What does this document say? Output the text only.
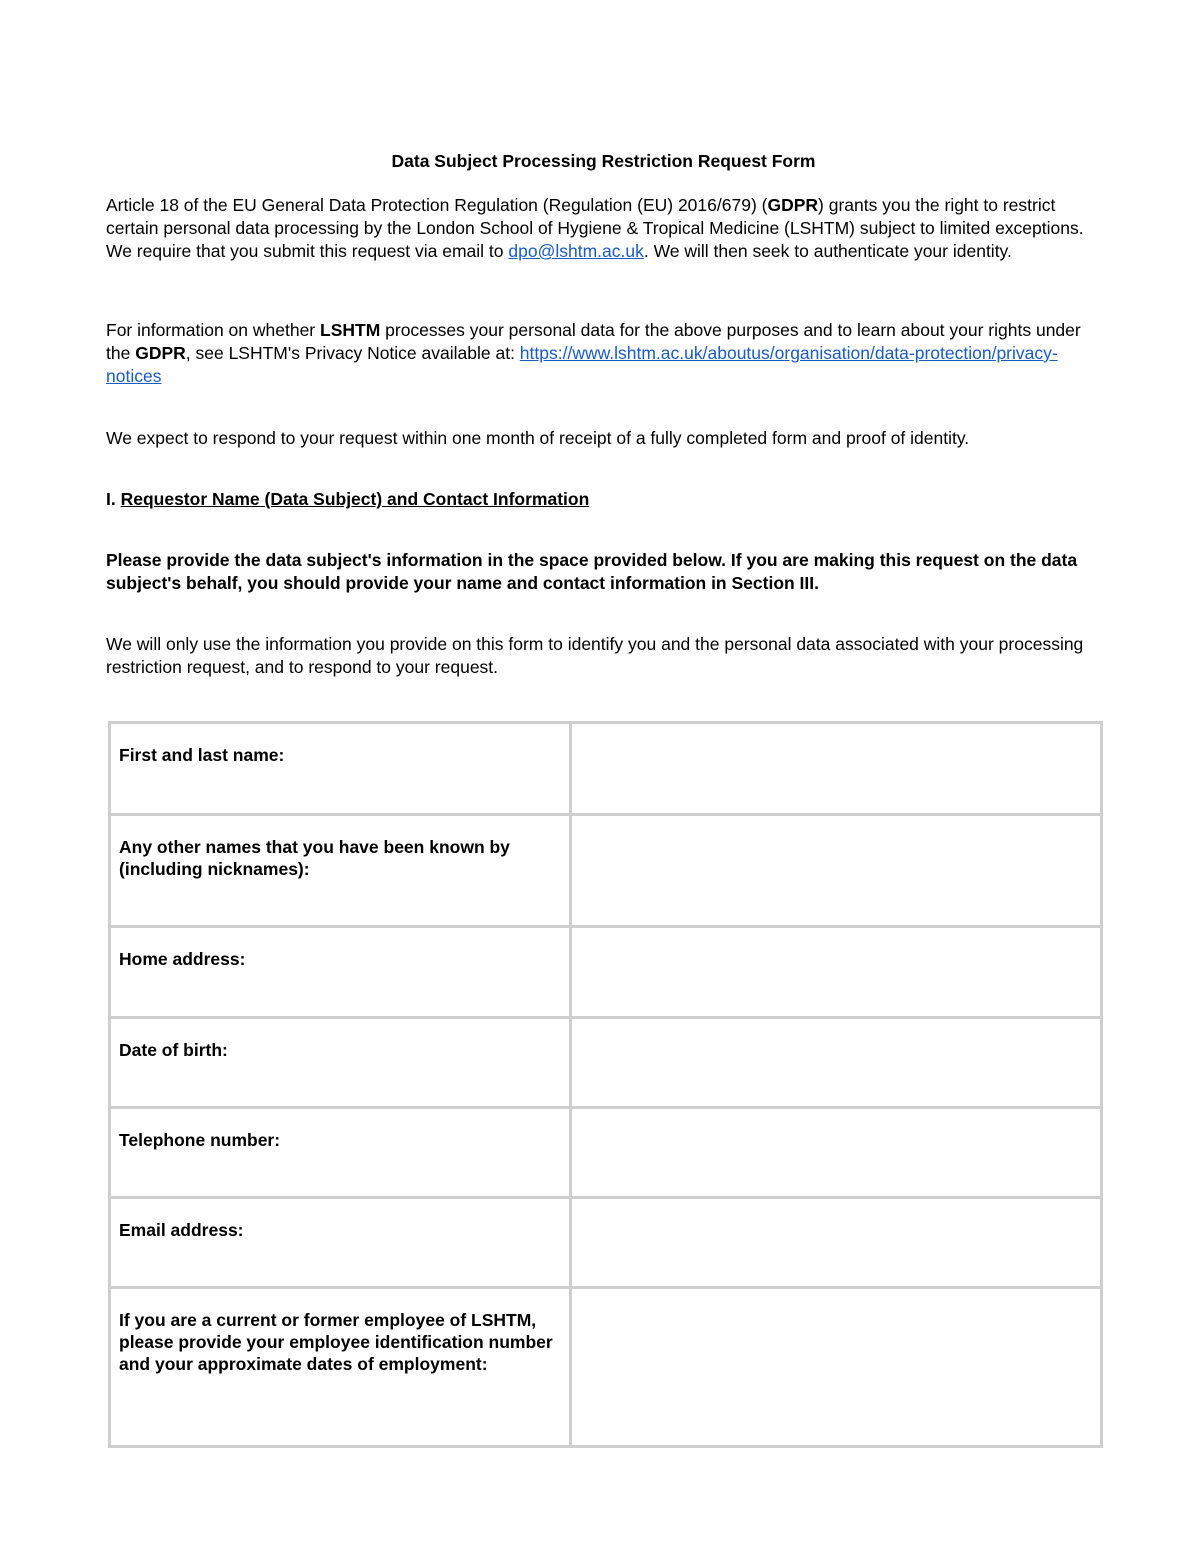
Data Subject Processing Restriction Request Form

Article 18 of the EU General Data Protection Regulation (Regulation (EU) 2016/679) (GDPR) grants you the right to restrict certain personal data processing by the London School of Hygiene & Tropical Medicine (LSHTM) subject to limited exceptions. We require that you submit this request via email to dpo@lshtm.ac.uk. We will then seek to authenticate your identity.

For information on whether LSHTM processes your personal data for the above purposes and to learn about your rights under the GDPR, see LSHTM's Privacy Notice available at: https://www.lshtm.ac.uk/aboutus/organisation/data-protection/privacy-notices

We expect to respond to your request within one month of receipt of a fully completed form and proof of identity.

I. Requestor Name (Data Subject) and Contact Information

Please provide the data subject's information in the space provided below. If you are making this request on the data subject's behalf, you should provide your name and contact information in Section III.

We will only use the information you provide on this form to identify you and the personal data associated with your processing restriction request, and to respond to your request.

First and last name:	
Any other names that you have been known by (including nicknames):	
Home address:	
Date of birth:	
Telephone number:	
Email address:	
If you are a current or former employee of LSHTM, please provide your employee identification number and your approximate dates of employment:	
